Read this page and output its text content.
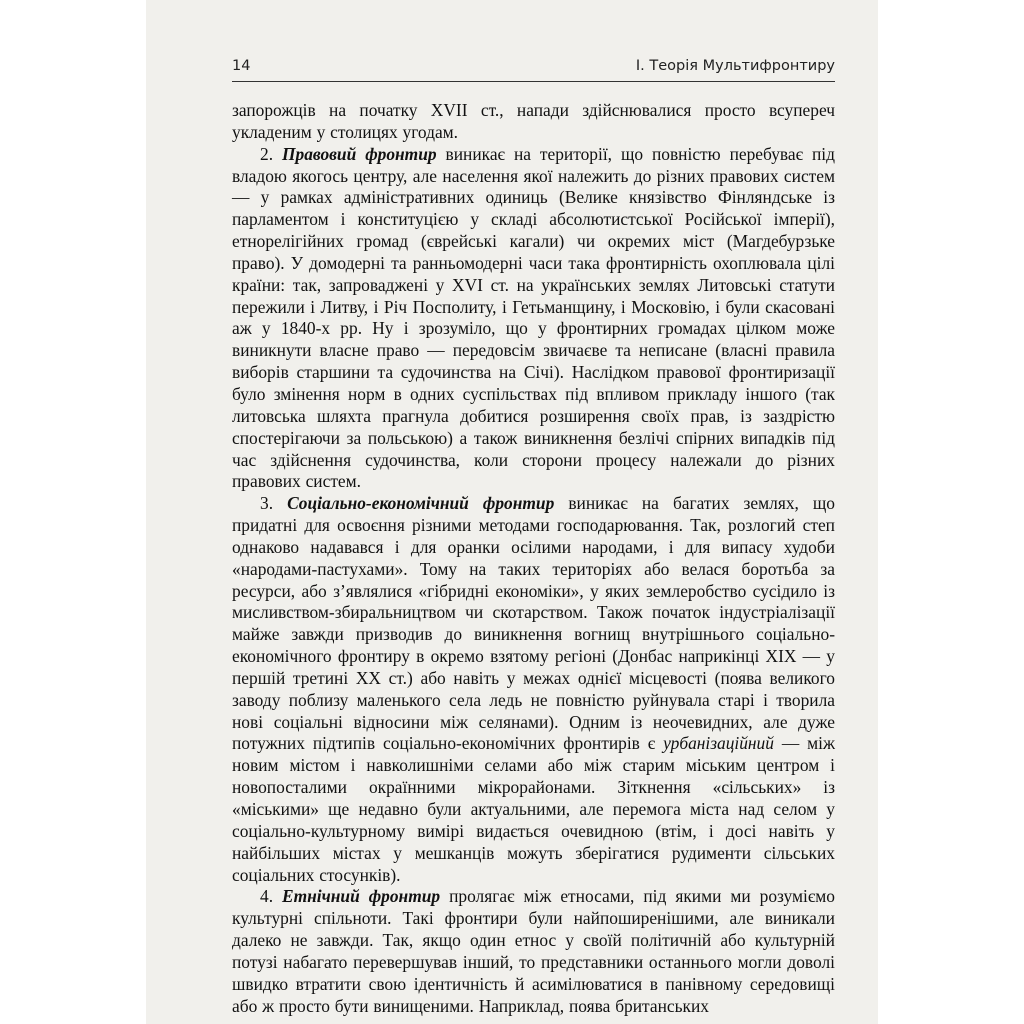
14	I. Теорія Мультифронтиру

запорожців на початку XVII ст., напади здійснювалися просто всупереч укладеним у столицях угодам.

2. Правовий фронтир виникає на території, що повністю перебуває під владою якогось центру, але населення якої належить до різних правових систем — у рамках адміністративних одиниць (Велике князівство Фінляндське із парламентом і конституцією у складі абсолютистської Російської імперії), етнорелігійних громад (єврейські кагали) чи окремих міст (Магдебурзьке право). У домодерні та ранньомодерні часи така фронтирність охоплювала цілі країни: так, запроваджені у XVI ст. на українських землях Литовські статути пережили і Литву, і Річ Посполиту, і Гетьманщину, і Московію, і були скасовані аж у 1840-х рр. Ну і зрозуміло, що у фронтирних громадах цілком може виникнути власне право — передовсім звичаєве та неписане (власні правила виборів старшини та судочинства на Січі). Наслідком правової фронтиризації було змінення норм в одних суспільствах під впливом прикладу іншого (так литовська шляхта прагнула добитися розширення своїх прав, із заздрістю спостерігаючи за польською) а також виникнення безлічі спірних випадків під час здійснення судочинства, коли сторони процесу належали до різних правових систем.

3. Соціально-економічний фронтир виникає на багатих землях, що придатні для освоєння різними методами господарювання. Так, розлогий степ однаково надавався і для оранки осілими народами, і для випасу худоби «народами-пастухами». Тому на таких територіях або велася боротьба за ресурси, або з’являлися «гібридні економіки», у яких землеробство сусідило із мисливством-збиральництвом чи скотарством. Також початок індустріалізації майже завжди призводив до виникнення вогнищ внутрішнього соціально-економічного фронтиру в окремо взятому регіоні (Донбас наприкінці XIX — у першій третині XX ст.) або навіть у межах однієї місцевості (поява великого заводу поблизу маленького села ледь не повністю руйнувала старі і творила нові соціальні відносини між селянами). Одним із неочевидних, але дуже потужних підтипів соціально-економічних фронтирів є урбанізаційний — між новим містом і навколишніми селами або між старим міським центром і новопосталими окраїнними мікрорайонами. Зіткнення «сільських» із «міськими» ще недавно були актуальними, але перемога міста над селом у соціально-культурному вимірі видається очевидною (втім, і досі навіть у найбільших містах у мешканців можуть зберігатися рудименти сільських соціальних стосунків).

4. Етнічний фронтир пролягає між етносами, під якими ми розуміємо культурні спільноти. Такі фронтири були найпоширенішими, але виникали далеко не завжди. Так, якщо один етнос у своїй політичній або культурній потузі набагато перевершував інший, то представники останнього могли доволі швидко втратити свою ідентичність й асимілюватися в панівному середовищі або ж просто бути винищеними. Наприклад, поява британських
